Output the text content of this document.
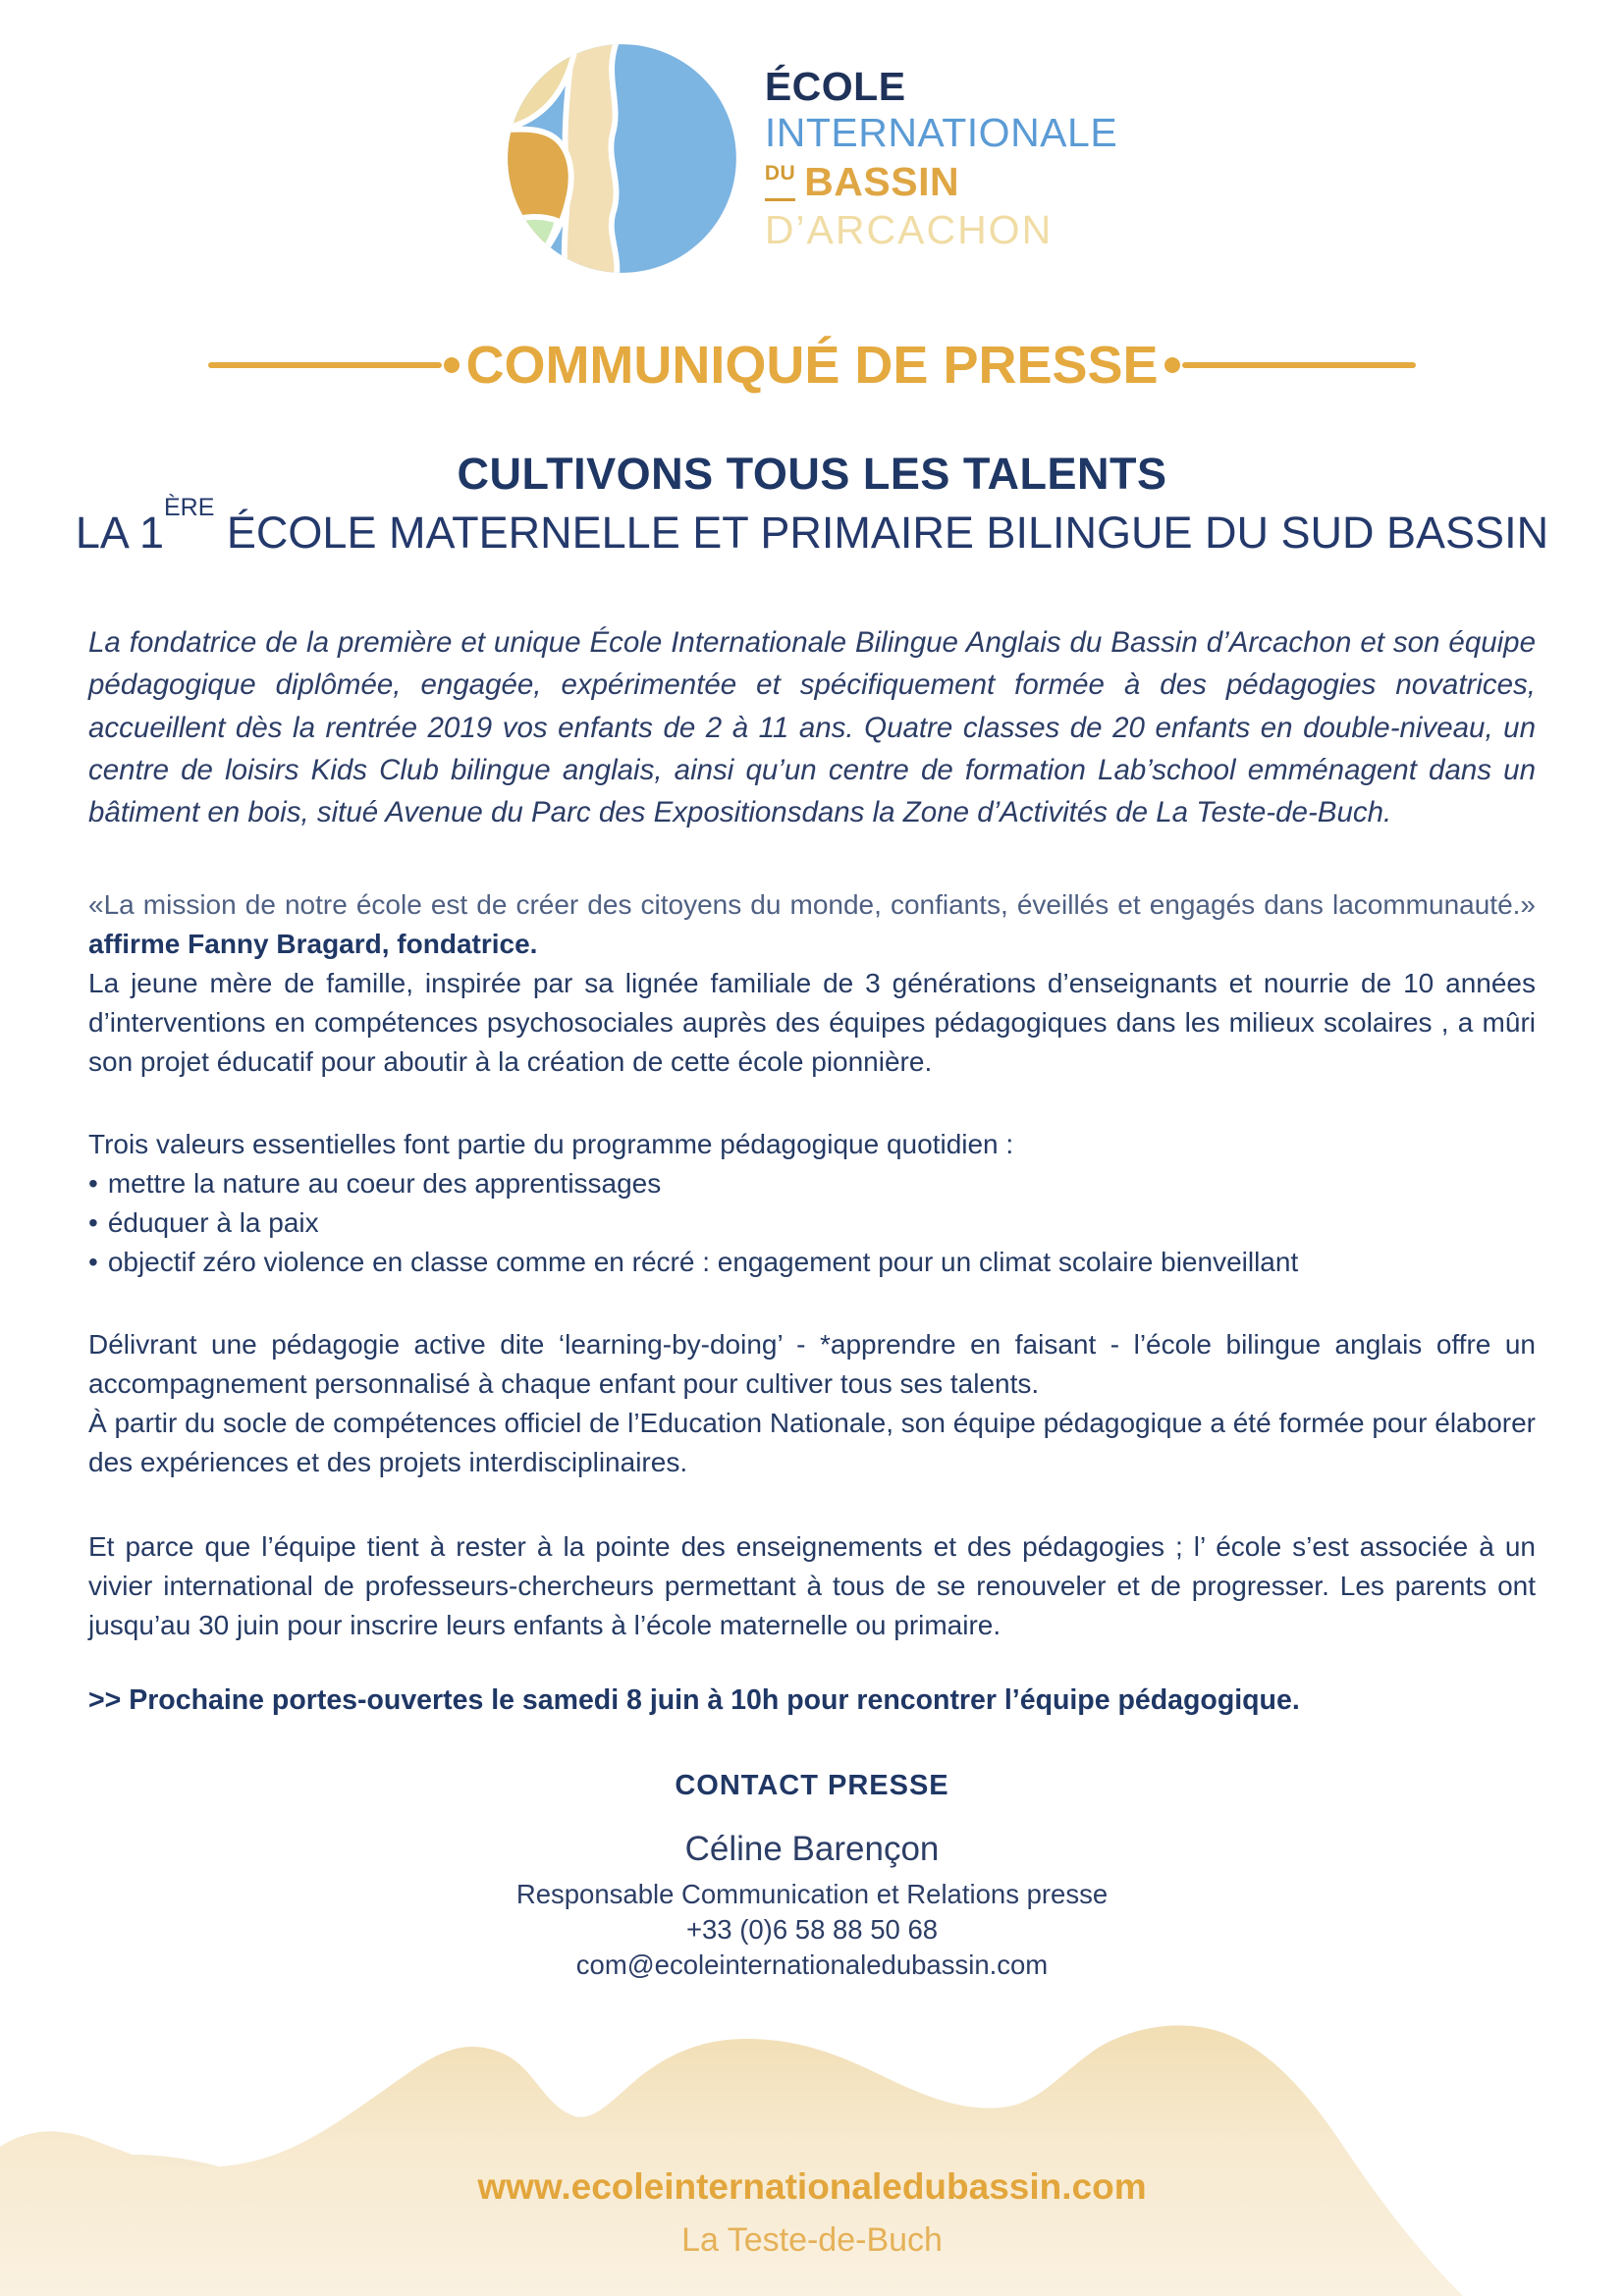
ÉCOLE
INTERNATIONALE
DU BASSIN
D’ARCACHON
COMMUNIQUÉ DE PRESSE
CULTIVONS TOUS LES TALENTS
LA 1ÈRE ÉCOLE MATERNELLE ET PRIMAIRE BILINGUE DU SUD BASSIN

La fondatrice de la première et unique École Internationale Bilingue Anglais du Bassin d’Arcachon et son équipe pédagogique diplômée, engagée, expérimentée et spécifiquement formée à des pédagogies novatrices, accueillent dès la rentrée 2019 vos enfants de 2 à 11 ans. Quatre classes de 20 enfants en double-niveau, un centre de loisirs Kids Club bilingue anglais, ainsi qu’un centre de formation Lab’school emménagent dans un bâtiment en bois, situé Avenue du Parc des Expositionsdans la Zone d’Activités de La Teste-de-Buch.

«La mission de notre école est de créer des citoyens du monde, confiants, éveillés et engagés dans lacommunauté.» affirme Fanny Bragard, fondatrice.

La jeune mère de famille, inspirée par sa lignée familiale de 3 générations d’enseignants et nourrie de 10 années d’interventions en compétences psychosociales auprès des équipes pédagogiques dans les milieux scolaires , a mûri son projet éducatif pour aboutir à la création de cette école pionnière.

Trois valeurs essentielles font partie du programme pédagogique quotidien :

• mettre la nature au coeur des apprentissages

• éduquer à la paix

• objectif zéro violence en classe comme en récré : engagement pour un climat scolaire bienveillant

Délivrant une pédagogie active dite ‘learning-by-doing’ - *apprendre en faisant - l’école bilingue anglais offre un accompagnement personnalisé à chaque enfant pour cultiver tous ses talents.

À partir du socle de compétences officiel de l’Education Nationale, son équipe pédagogique a été formée pour élaborer des expériences et des projets interdisciplinaires.

Et parce que l’équipe tient à rester à la pointe des enseignements et des pédagogies ; l’ école s’est associée à un vivier international de professeurs-chercheurs permettant à tous de se renouveler et de progresser. Les parents ont jusqu’au 30 juin pour inscrire leurs enfants à l’école maternelle ou primaire.

>> Prochaine portes-ouvertes le samedi 8 juin à 10h pour rencontrer l’équipe pédagogique.

CONTACT PRESSE

Céline Barençon

Responsable Communication et Relations presse

+33 (0)6 58 88 50 68

com@ecoleinternationaledubassin.com

www.ecoleinternationaledubassin.com
La Teste-de-Buch
